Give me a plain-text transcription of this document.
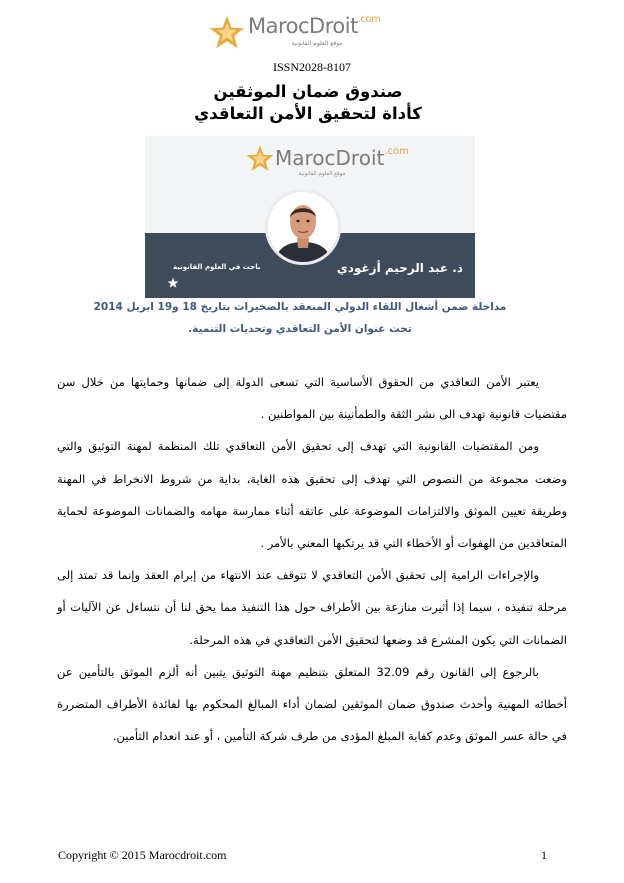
MarocDroit$^{.com}$
موقع العلوم القانونية
ISSN2028-8107
صندوق ضمان الموثقين
كأداة لتحقيق الأمن التعاقدي
MarocDroit$^{.com}$
موقع العلوم القانونية
ذ. عبد الرحيم أزغودي
باحث في العلوم القانونية
مداخلة ضمن أشغال اللقاء الدولي المنعقد بالصخيرات بتاريخ 18 و19 ابريل 2014
تحت عنوان الأمن التعاقدي وتحديات التنمية.

يعتبر الأمن التعاقدي من الحقوق الأساسية التي تسعى الدولة إلى ضمانها وحمايتها من خلال سن مقتضيات قانونية تهدف الى نشر الثقة والطمأنينة بين المواطنين .

ومن المقتضيات القانونية التي تهدف إلى تحقيق الأمن التعاقدي تلك المنظمة لمهنة التوثيق والتي وضعت مجموعة من النصوص التي تهدف إلى تحقيق هذه الغاية، بداية من شروط الانخراط في المهنة وطريقة تعيين الموثق والالتزامات الموضوعة على عاتقه أثناء ممارسة مهامه والضمانات الموضوعة لحماية المتعاقدين من الهفوات أو الأخطاء التي قد يرتكبها المعني بالأمر .

والإجراءات الرامية إلى تحقيق الأمن التعاقدي لا تتوقف عند الانتهاء من إبرام العقد وإنما قد تمتد إلى مرحلة تنفيذه ، سيما إذا أثيرت منازعة بين الأطراف حول هذا التنفيذ مما يحق لنا أن نتساءل عن الآليات أو الضمانات التي يكون المشرع قد وضعها لتحقيق الأمن التعاقدي في هذه المرحلة.

بالرجوع إلى القانون رقم 32.09 المتعلق بتنظيم مهنة التوثيق يتبين أنه ألزم الموثق بالتأمين عن أخطائه المهنية وأحدث صندوق ضمان الموثقين لضمان أداء المبالغ المحكوم بها لفائدة الأطراف المتضررة في حالة عسر الموثق وعدم كفاية المبلغ المؤدى من طرف شركة التأمين ، أو عند انعدام التأمين.

Copyright © 2015 Marocdroit.com	1
